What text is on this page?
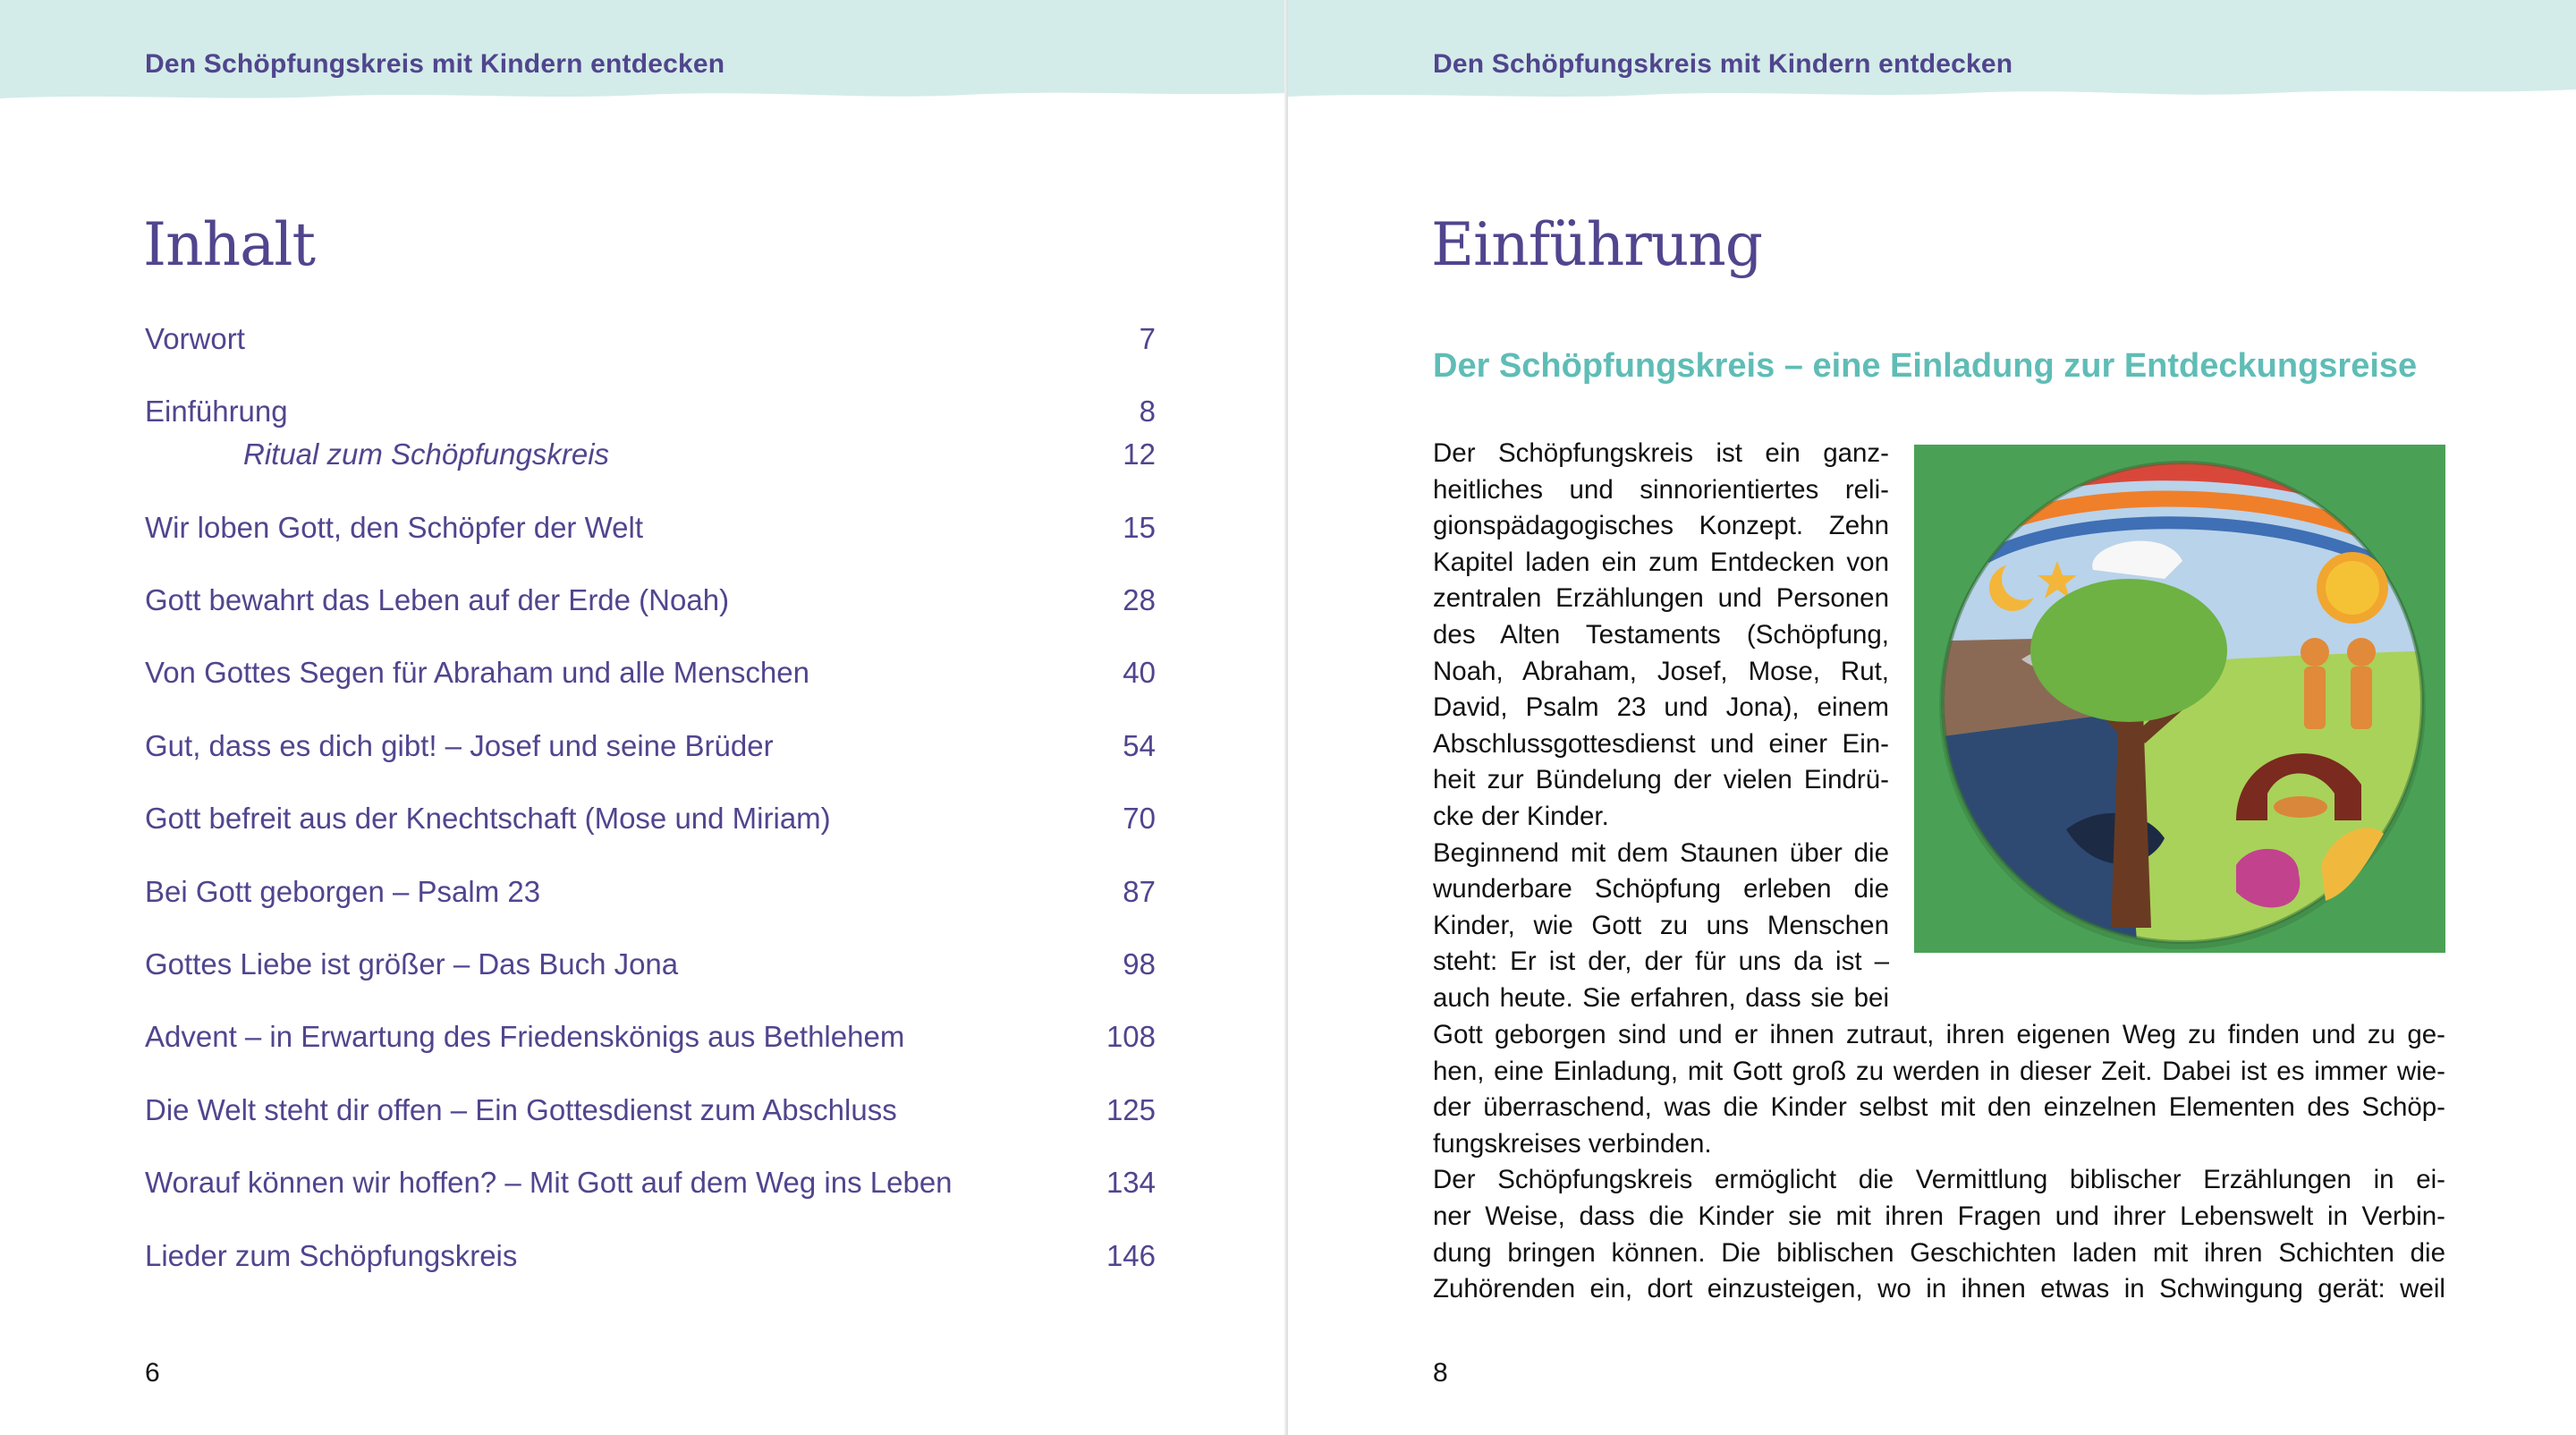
Den Schöpfungskreis mit Kindern entdecken
Inhalt
Vorwort	7
Einführung	8
Ritual zum Schöpfungskreis	12
Wir loben Gott, den Schöpfer der Welt	15
Gott bewahrt das Leben auf der Erde (Noah)	28
Von Gottes Segen für Abraham und alle Menschen	40
Gut, dass es dich gibt! – Josef und seine Brüder	54
Gott befreit aus der Knechtschaft (Mose und Miriam)	70
Bei Gott geborgen – Psalm 23	87
Gottes Liebe ist größer – Das Buch Jona	98
Advent – in Erwartung des Friedenskönigs aus Bethlehem	108
Die Welt steht dir offen – Ein Gottesdienst zum Abschluss	125
Worauf können wir hoffen? – Mit Gott auf dem Weg ins Leben	134
Lieder zum Schöpfungskreis	146
6
Den Schöpfungskreis mit Kindern entdecken
Einführung
Der Schöpfungskreis – eine Einladung zur Entdeckungsreise
Der Schöpfungskreis ist ein ganz-
heitliches und sinnorientiertes reli-
gionspädagogisches Konzept. Zehn
Kapitel laden ein zum Entdecken von
zentralen Erzählungen und Personen
des Alten Testaments (Schöpfung,
Noah, Abraham, Josef, Mose, Rut,
David, Psalm 23 und Jona), einem
Abschlussgottesdienst und einer Ein-
heit zur Bündelung der vielen Eindrü-
cke der Kinder.
Beginnend mit dem Staunen über die
wunderbare Schöpfung erleben die
Kinder, wie Gott zu uns Menschen
steht: Er ist der, der für uns da ist –
auch heute. Sie erfahren, dass sie bei
Gott geborgen sind und er ihnen zutraut, ihren eigenen Weg zu finden und zu ge-
hen, eine Einladung, mit Gott groß zu werden in dieser Zeit. Dabei ist es immer wie-
der überraschend, was die Kinder selbst mit den einzelnen Elementen des Schöp-
fungskreises verbinden.
Der Schöpfungskreis ermöglicht die Vermittlung biblischer Erzählungen in ei-
ner Weise, dass die Kinder sie mit ihren Fragen und ihrer Lebenswelt in Verbin-
dung bringen können. Die biblischen Geschichten laden mit ihren Schichten die
Zuhörenden ein, dort einzusteigen, wo in ihnen etwas in Schwingung gerät: weil
8
